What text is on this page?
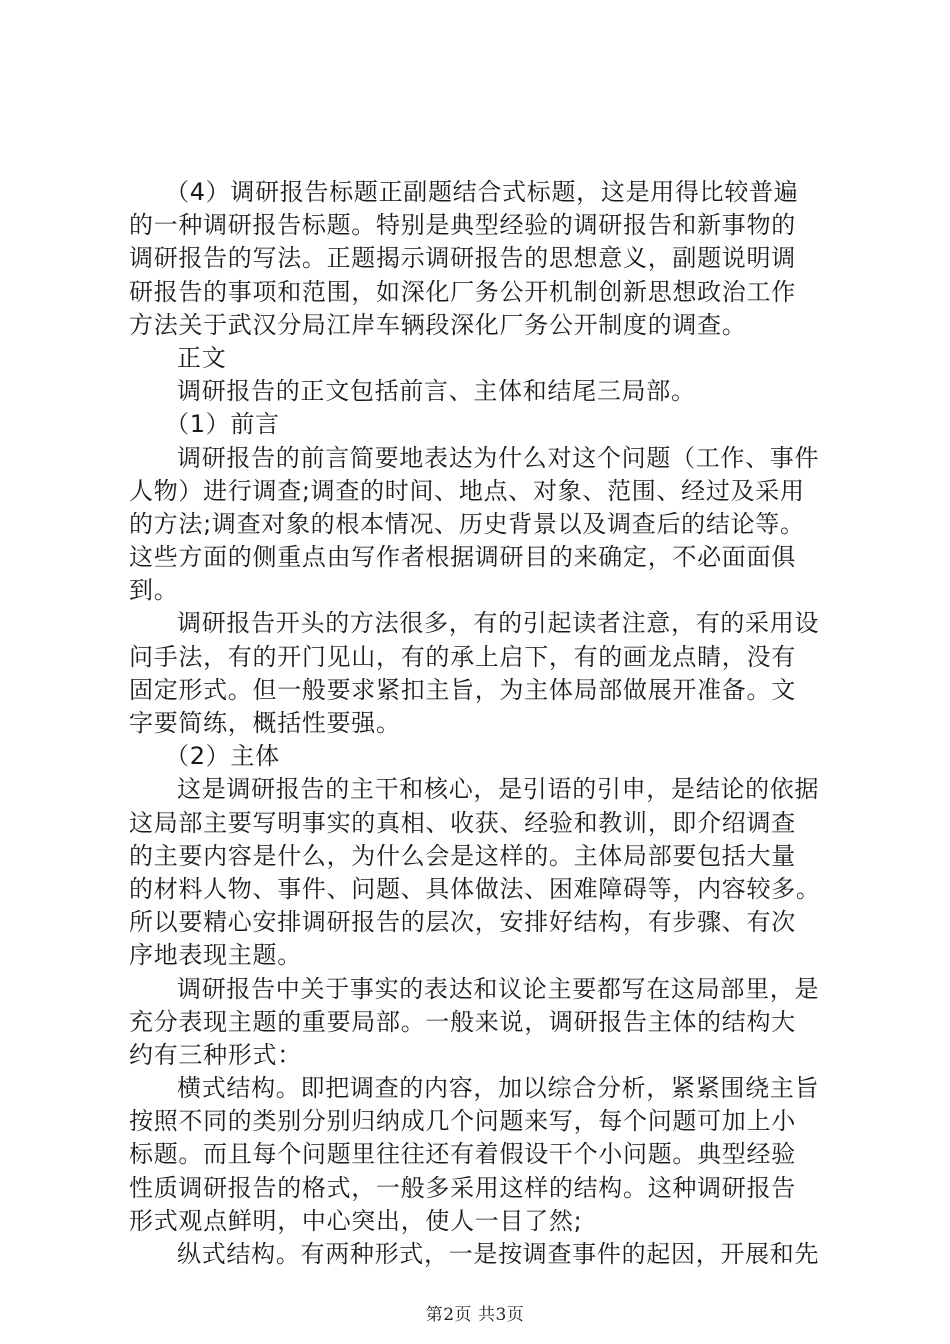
（4）调研报告标题正副题结合式标题，这是用得比较普遍
的一种调研报告标题。特别是典型经验的调研报告和新事物的
调研报告的写法。正题揭示调研报告的思想意义，副题说明调
研报告的事项和范围，如深化厂务公开机制创新思想政治工作
方法关于武汉分局江岸车辆段深化厂务公开制度的调查。
正文
调研报告的正文包括前言、主体和结尾三局部。
（1）前言
调研报告的前言简要地表达为什么对这个问题（工作、事件
人物）进行调查;调查的时间、地点、对象、范围、经过及采用
的方法;调查对象的根本情况、历史背景以及调查后的结论等。
这些方面的侧重点由写作者根据调研目的来确定，不必面面俱
到。
调研报告开头的方法很多，有的引起读者注意，有的采用设
问手法，有的开门见山，有的承上启下，有的画龙点睛，没有
固定形式。但一般要求紧扣主旨，为主体局部做展开准备。文
字要简练，概括性要强。
（2）主体
这是调研报告的主干和核心，是引语的引申，是结论的依据
这局部主要写明事实的真相、收获、经验和教训，即介绍调查
的主要内容是什么，为什么会是这样的。主体局部要包括大量
的材料人物、事件、问题、具体做法、困难障碍等，内容较多。
所以要精心安排调研报告的层次，安排好结构，有步骤、有次
序地表现主题。
调研报告中关于事实的表达和议论主要都写在这局部里，是
充分表现主题的重要局部。一般来说，调研报告主体的结构大
约有三种形式：
横式结构。即把调查的内容，加以综合分析，紧紧围绕主旨
按照不同的类别分别归纳成几个问题来写，每个问题可加上小
标题。而且每个问题里往往还有着假设干个小问题。典型经验
性质调研报告的格式，一般多采用这样的结构。这种调研报告
形式观点鲜明，中心突出，使人一目了然;
纵式结构。有两种形式，一是按调查事件的起因，开展和先
第2页 共3页
